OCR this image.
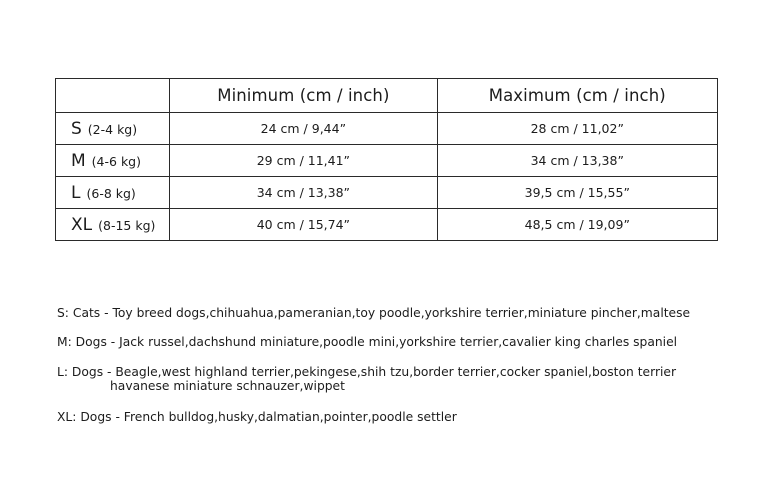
	Minimum (cm / inch)	Maximum (cm / inch)
S (2-4 kg)	24 cm / 9,44”	28 cm / 11,02”
M (4-6 kg)	29 cm / 11,41”	34 cm / 13,38”
L (6-8 kg)	34 cm / 13,38”	39,5 cm / 15,55”
XL (8-15 kg)	40 cm / 15,74”	48,5 cm / 19,09”
S: Cats - Toy breed dogs,chihuahua,pameranian,toy poodle,yorkshire terrier,miniature pincher,maltese
M: Dogs - Jack russel,dachshund miniature,poodle mini,yorkshire terrier,cavalier king charles spaniel
L: Dogs - Beagle,west highland terrier,pekingese,shih tzu,border terrier,cocker spaniel,boston terrier
havanese miniature schnauzer,wippet
XL: Dogs - French bulldog,husky,dalmatian,pointer,poodle settler
